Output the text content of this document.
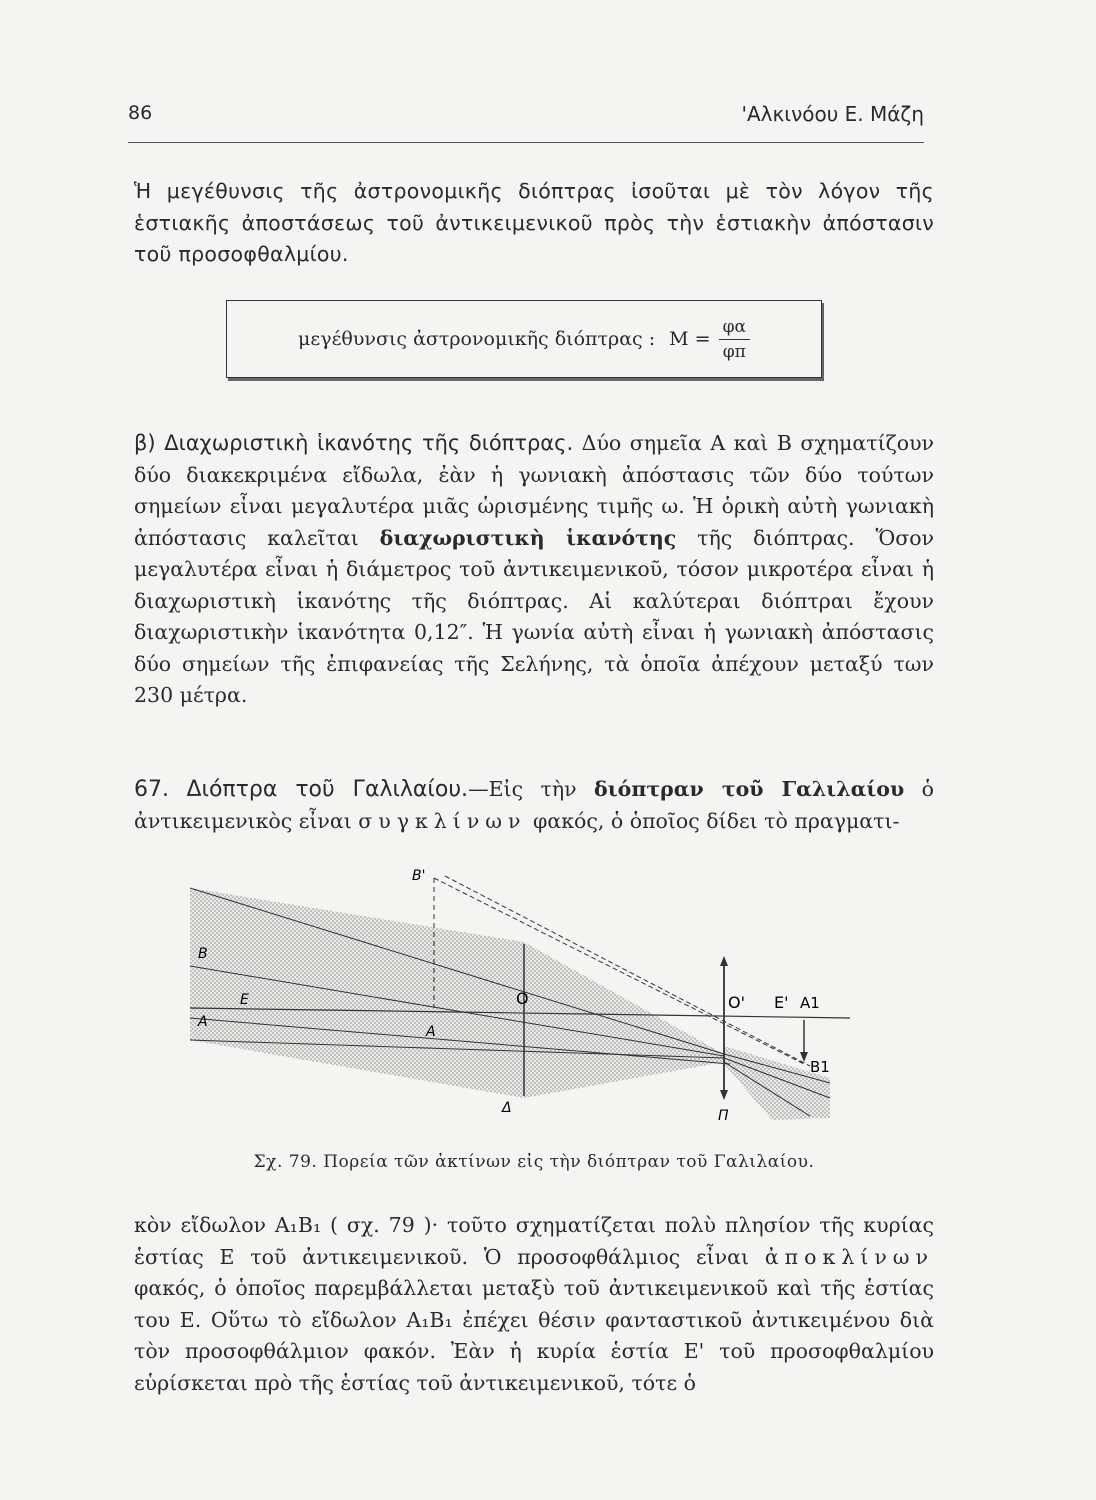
86	'Αλκινόου Ε. Μάζη

Ἡ μεγέθυνσις τῆς ἀστρονομικῆς διόπτρας ἰσοῦται μὲ τὸν λόγον τῆς ἑστιακῆς ἀποστάσεως τοῦ ἀντικειμενικοῦ πρὸς τὴν ἑστιακὴν ἀπόστασιν τοῦ προσοφθαλμίου.

μεγέθυνσις ἀστρονομικῆς διόπτρας : $M = \frac{\varphi\alpha}{\varphi\pi}$

β) Διαχωριστικὴ ἱκανότης τῆς διόπτρας. Δύο σημεῖα Α καὶ Β σχηματίζουν δύο διακεκριμένα εἴδωλα, ἐὰν ἡ γωνιακὴ ἀπόστασις τῶν δύο τούτων σημείων εἶναι μεγαλυτέρα μιᾶς ὡρισμένης τιμῆς ω. Ἡ ὁρικὴ αὐτὴ γωνιακὴ ἀπόστασις καλεῖται διαχωριστικὴ ἱκανότης τῆς διόπτρας. Ὅσον μεγαλυτέρα εἶναι ἡ διάμετρος τοῦ ἀντικειμενικοῦ, τόσον μικροτέρα εἶναι ἡ διαχωριστικὴ ἱκανότης τῆς διόπτρας. Αἱ καλύτεραι διόπτραι ἔχουν διαχωριστικὴν ἱκανότητα 0,12″. Ἡ γωνία αὐτὴ εἶναι ἡ γωνιακὴ ἀπόστασις δύο σημείων τῆς ἐπιφανείας τῆς Σελήνης, τὰ ὁποῖα ἀπέχουν μεταξύ των 230 μέτρα.

67. Διόπτρα τοῦ Γαλιλαίου.—Εἰς τὴν διόπτραν τοῦ Γαλιλαίου ὁ ἀντικειμενικὸς εἶναι συγκλίνων φακός, ὁ ὁποῖος δίδει τὸ πραγματι-

B'
B
E
A
A
O	O' E' A1
B1
Δ	Π
Σχ. 79. Πορεία τῶν ἀκτίνων εἰς τὴν διόπτραν τοῦ Γαλιλαίου.

κὸν εἴδωλον Α₁Β₁ ( σχ. 79 )· τοῦτο σχηματίζεται πολὺ πλησίον τῆς κυρίας ἑστίας Ε τοῦ ἀντικειμενικοῦ. Ὁ προσοφθάλμιος εἶναι ἀποκλίνων φακός, ὁ ὁποῖος παρεμβάλλεται μεταξὺ τοῦ ἀντικειμενικοῦ καὶ τῆς ἑστίας του Ε. Οὕτω τὸ εἴδωλον Α₁Β₁ ἐπέχει θέσιν φανταστικοῦ ἀντικειμένου διὰ τὸν προσοφθάλμιον φακόν. Ἐὰν ἡ κυρία ἑστία Ε' τοῦ προσοφθαλμίου εὑρίσκεται πρὸ τῆς ἑστίας τοῦ ἀντικειμενικοῦ, τότε ὁ
